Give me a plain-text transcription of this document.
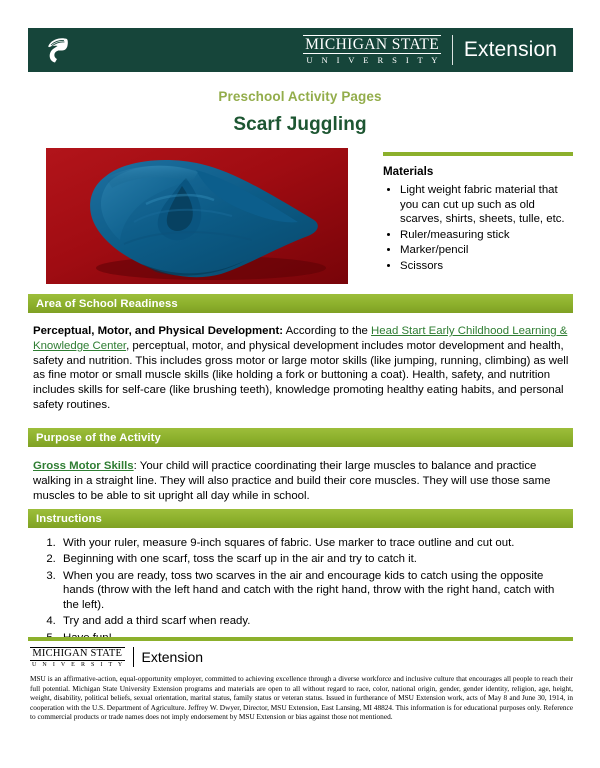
MICHIGAN STATE
U N I V E R S I T Y	Extension
Preschool Activity Pages
Scarf Juggling
Materials
• Light weight fabric material that you can cut up such as old scarves, shirts, sheets, tulle, etc.
• Ruler/measuring stick
• Marker/pencil
• Scissors
Area of School Readiness
Perceptual, Motor, and Physical Development: According to the Head Start Early Childhood Learning & Knowledge Center, perceptual, motor, and physical development includes motor development and health, safety and nutrition. This includes gross motor or large motor skills (like jumping, running, climbing) as well as fine motor or small muscle skills (like holding a fork or buttoning a coat). Health, safety, and nutrition includes skills for self-care (like brushing teeth), knowledge promoting healthy eating habits, and personal safety routines.
Purpose of the Activity
Gross Motor Skills: Your child will practice coordinating their large muscles to balance and practice walking in a straight line. They will also practice and build their core muscles. They will use those same muscles to be able to sit upright all day while in school.
Instructions
1. With your ruler, measure 9-inch squares of fabric. Use marker to trace outline and cut out.
2. Beginning with one scarf, toss the scarf up in the air and try to catch it.
3. When you are ready, toss two scarves in the air and encourage kids to catch using the opposite hands (throw with the left hand and catch with the right hand, throw with the right hand, catch with the left).
4. Try and add a third scarf when ready.
5.
MICHIGAN STATE
U N I V E R S I T Y	Extension
MSU is an affirmative-action, equal-opportunity employer, committed to achieving excellence through a diverse workforce and inclusive culture that encourages all people to reach their full potential. Michigan State University Extension programs and materials are open to all without regard to race, color, national origin, gender, gender identity, religion, age, height, weight, disability, political beliefs, sexual orientation, marital status, family status or veteran status. Issued in furtherance of MSU Extension work, acts of May 8 and June 30, 1914, in cooperation with the U.S. Department of Agriculture. Jeffrey W. Dwyer, Director, MSU Extension, East Lansing, MI 48824. This information is for educational purposes only. Reference to commercial products or trade names does not imply endorsement by MSU Extension or bias against those not mentioned.
